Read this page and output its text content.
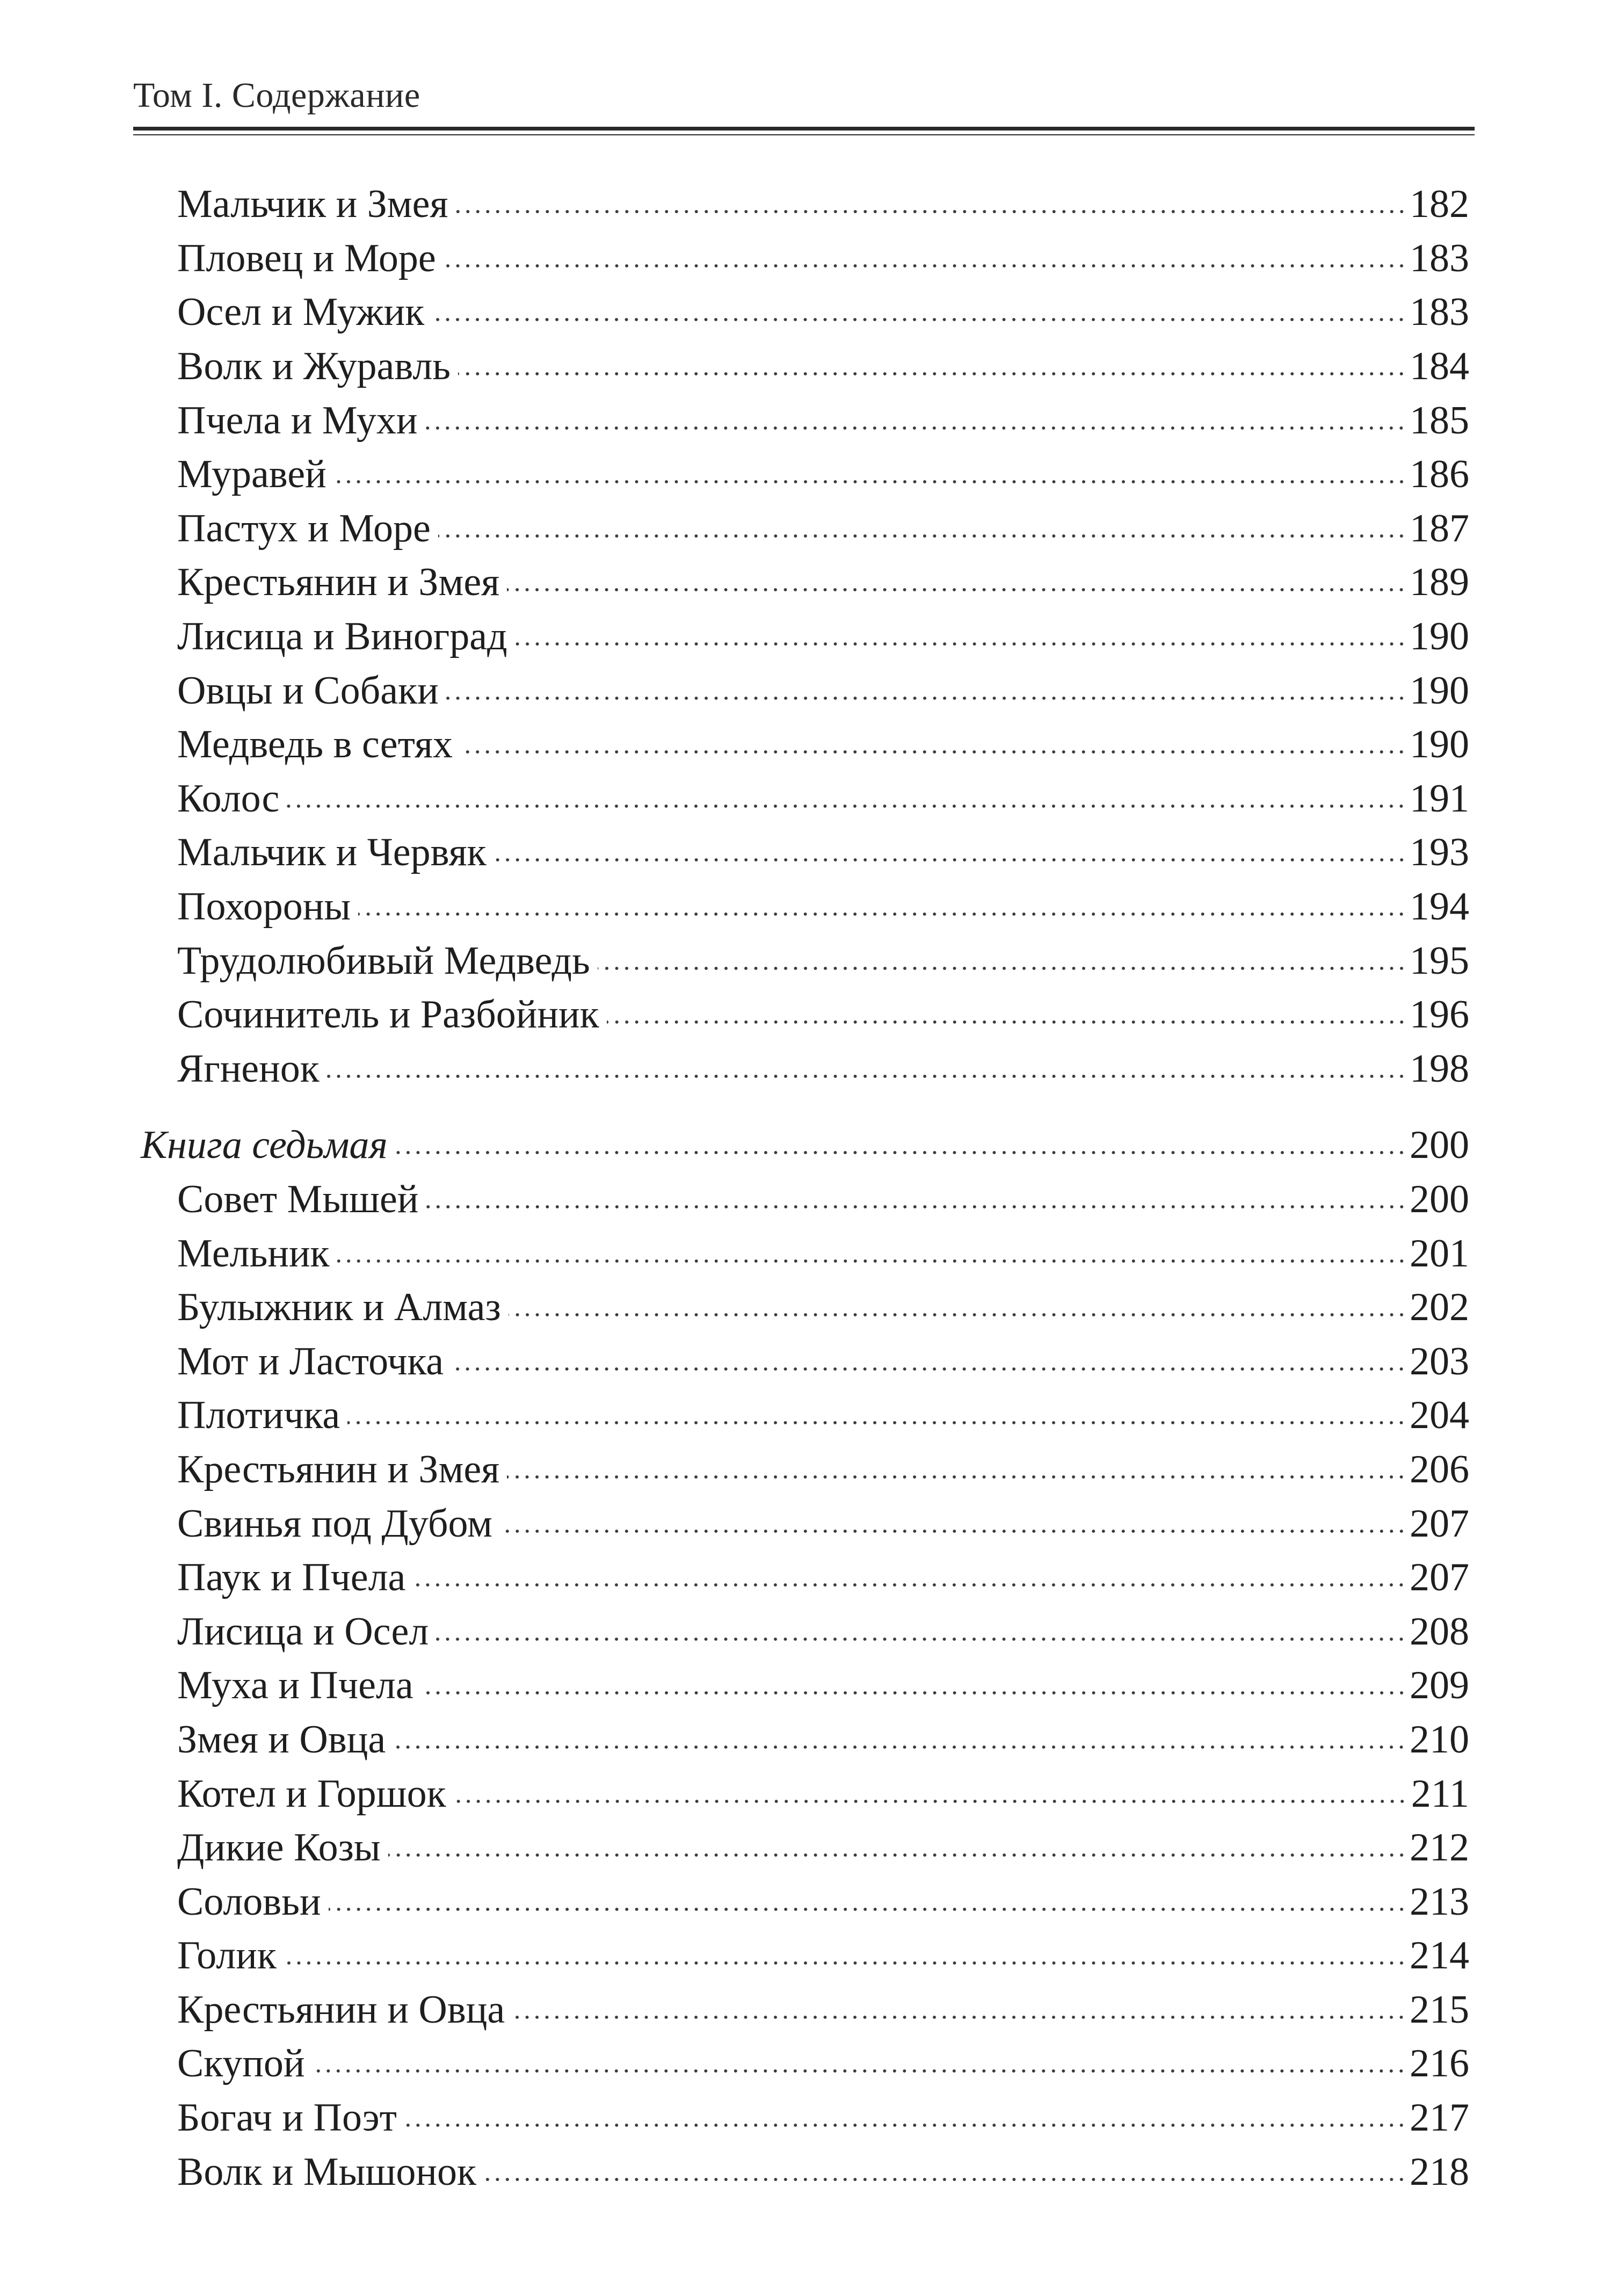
Том I. Содержание
Мальчик и Змея	182
Пловец и Море	183
Осел и Мужик	183
Волк и Журавль	184
Пчела и Мухи	185
Муравей	186
Пастух и Море	187
Крестьянин и Змея	189
Лисица и Виноград	190
Овцы и Собаки	190
Медведь в сетях	190
Колос	191
Мальчик и Червяк	193
Похороны	194
Трудолюбивый Медведь	195
Сочинитель и Разбойник	196
Ягненок	198
Книга седьмая	200
Совет Мышей	200
Мельник	201
Булыжник и Алмаз	202
Мот и Ласточка	203
Плотичка	204
Крестьянин и Змея	206
Свинья под Дубом	207
Паук и Пчела	207
Лисица и Осел	208
Муха и Пчела	209
Змея и Овца	210
Котел и Горшок	211
Дикие Козы	212
Соловьи	213
Голик	214
Крестьянин и Овца	215
Скупой	216
Богач и Поэт	217
Волк и Мышонок	218
